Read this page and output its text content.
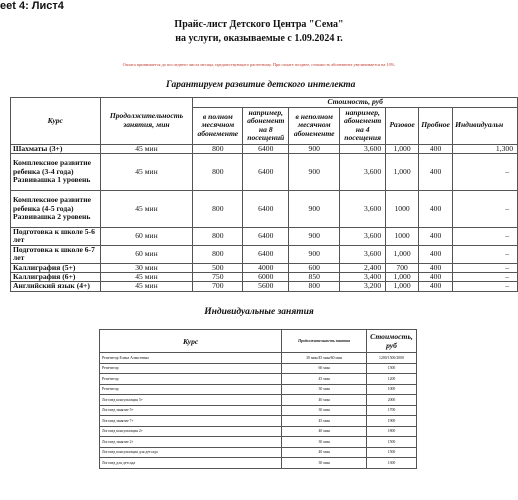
eet 4: Лист4
Прайс-лист Детского Центра "Сема"
на услуги, оказываемые с 1.09.2024 г.
Оплата принимается до последнего числа месяца, предшествующего расчетному. При оплате позднее, стоимость абонемента увеличивается на 10%.
Гарантируем развитие детского интелекта
Курс	Продолжительность занятия, мин	Стоимость, руб						
		в полном месячном абонементе	например, абонемент на 8 посещений	в неполном месячном абонементе	например, абонемент на 4 посещения	Разовое	Пробное	Индивидуальн
Шахматы (3+)	45 мин	800	6400	900	3,600	1,000	400	1,300
Комплексное развитие ребенка (3-4 года) Развивашка 1 уровень	45 мин	800	6400	900	3,600	1,000	400	–
Комплексное развитие ребенка (4-5 года) Развивашка 2 уровень	45 мин	800	6400	900	3,600	1000	400	–
Подготовка к школе 5-6 лет	60 мин	800	6400	900	3,600	1000	400	–
Подготовка к школе 6-7 лет	60 мин	800	6400	900	3,600	1,000	400	–
Каллиграфия (5+)	30 мин	500	4000	600	2,400	700	400	–
Каллиграфия (6+)	45 мин	750	6000	850	3,400	1,000	400	–
Английский язык (4+)	45 мин	700	5600	800	3,200	1,000	400	–
Индивидуальные занятия
Курс	Продолжительность занятия	Стоимость, руб
Репетитор Елена Алексеевна	30 мин/45 мин/60 мин	1200/1500/2000
Репетитор	60 мин	1500
Репетитор	45 мин	1200
Репетитор	30 мин	1000
Логопед консультация 5+	40 мин	2000
Логопед занятие 5+	30 мин	1700
Логопед занятие 7+	45 мин	1900
Логопед консультация 2+	40 мин	1800
Логопед занятие 2+	30 мин	1500
Логопед консультация для детсада	40 мин	1500
Логопед для детсада	30 мин	1300
